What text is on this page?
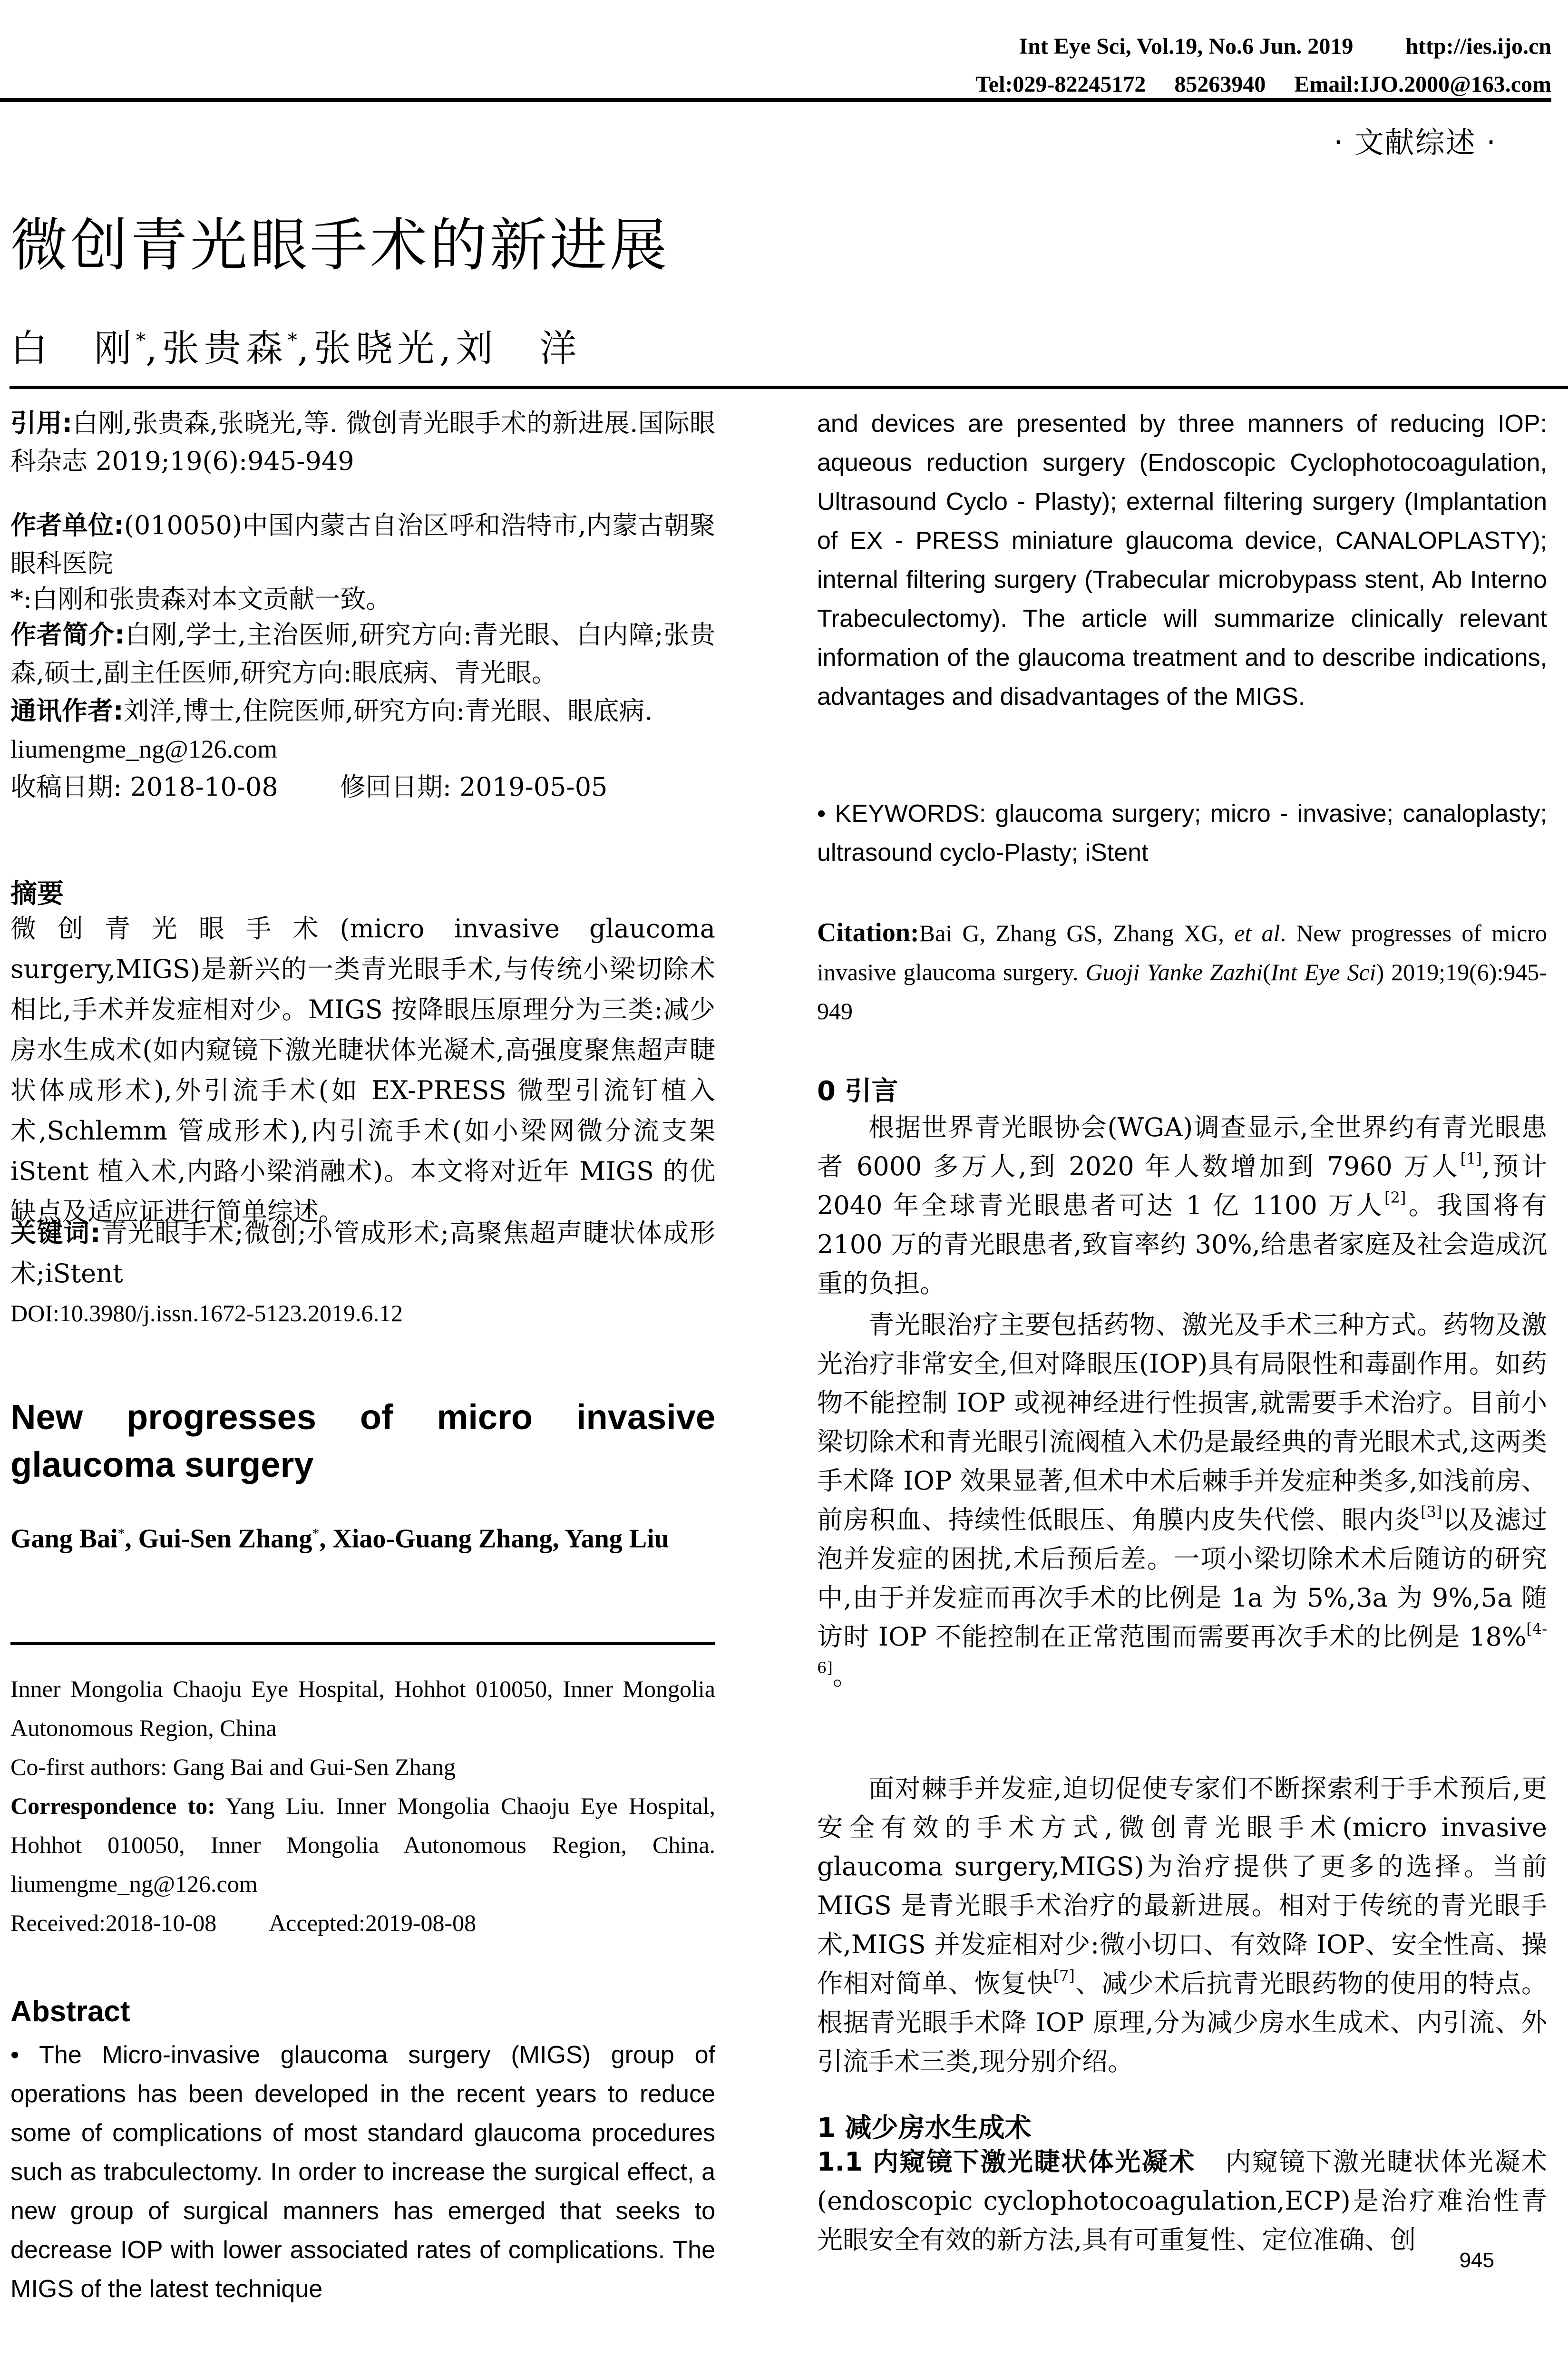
Int Eye Sci, Vol.19, No.6 Jun. 2019 http://ies.ijo.cn
Tel:029-82245172 85263940 Email:IJO.2000@163.com
· 文献综述 ·
微创青光眼手术的新进展
白　刚*,张贵森*,张晓光,刘　洋
引用:白刚,张贵森,张晓光,等. 微创青光眼手术的新进展.国际眼科杂志 2019;19(6):945-949
作者单位:(010050)中国内蒙古自治区呼和浩特市,内蒙古朝聚眼科医院
*:白刚和张贵森对本文贡献一致。
作者简介:白刚,学士,主治医师,研究方向:青光眼、白内障;张贵森,硕士,副主任医师,研究方向:眼底病、青光眼。
通讯作者:刘洋,博士,住院医师,研究方向:青光眼、眼底病.
liumengme_ng@126.com
收稿日期: 2018-10-08 修回日期: 2019-05-05
摘要
微创青光眼手术(micro invasive glaucoma surgery,MIGS)是新兴的一类青光眼手术,与传统小梁切除术相比,手术并发症相对少。MIGS 按降眼压原理分为三类:减少房水生成术(如内窥镜下激光睫状体光凝术,高强度聚焦超声睫状体成形术),外引流手术(如 EX-PRESS 微型引流钉植入术,Schlemm 管成形术),内引流手术(如小梁网微分流支架 iStent 植入术,内路小梁消融术)。本文将对近年 MIGS 的优缺点及适应证进行简单综述。
关键词:青光眼手术;微创;小管成形术;高聚焦超声睫状体成形术;iStent
DOI:10.3980/j.issn.1672-5123.2019.6.12
New progresses of micro invasive glaucoma surgery
Gang Bai*, Gui-Sen Zhang*, Xiao-Guang Zhang, Yang Liu
Inner Mongolia Chaoju Eye Hospital, Hohhot 010050, Inner Mongolia Autonomous Region, China
Co-first authors: Gang Bai and Gui-Sen Zhang
Correspondence to: Yang Liu. Inner Mongolia Chaoju Eye Hospital, Hohhot 010050, Inner Mongolia Autonomous Region, China. liumengme_ng@126.com
Received:2018-10-08 Accepted:2019-08-08
Abstract
• The Micro-invasive glaucoma surgery (MIGS) group of operations has been developed in the recent years to reduce some of complications of most standard glaucoma procedures such as trabculectomy. In order to increase the surgical effect, a new group of surgical manners has emerged that seeks to decrease IOP with lower associated rates of complications. The MIGS of the latest technique
and devices are presented by three manners of reducing IOP: aqueous reduction surgery (Endoscopic Cyclophotocoagulation, Ultrasound Cyclo - Plasty); external filtering surgery (Implantation of EX - PRESS miniature glaucoma device, CANALOPLASTY); internal filtering surgery (Trabecular microbypass stent, Ab Interno Trabeculectomy). The article will summarize clinically relevant information of the glaucoma treatment and to describe indications, advantages and disadvantages of the MIGS.
• KEYWORDS: glaucoma surgery; micro - invasive; canaloplasty; ultrasound cyclo-Plasty; iStent
Citation:Bai G, Zhang GS, Zhang XG, et al. New progresses of micro invasive glaucoma surgery. Guoji Yanke Zazhi(Int Eye Sci) 2019;19(6):945-949
0 引言
根据世界青光眼协会(WGA)调查显示,全世界约有青光眼患者 6000 多万人,到 2020 年人数增加到 7960 万人[1],预计 2040 年全球青光眼患者可达 1 亿 1100 万人[2]。我国将有 2100 万的青光眼患者,致盲率约 30%,给患者家庭及社会造成沉重的负担。
青光眼治疗主要包括药物、激光及手术三种方式。药物及激光治疗非常安全,但对降眼压(IOP)具有局限性和毒副作用。如药物不能控制 IOP 或视神经进行性损害,就需要手术治疗。目前小梁切除术和青光眼引流阀植入术仍是最经典的青光眼术式,这两类手术降 IOP 效果显著,但术中术后棘手并发症种类多,如浅前房、前房积血、持续性低眼压、角膜内皮失代偿、眼内炎[3]以及滤过泡并发症的困扰,术后预后差。一项小梁切除术术后随访的研究中,由于并发症而再次手术的比例是 1a 为 5%,3a 为 9%,5a 随访时 IOP 不能控制在正常范围而需要再次手术的比例是 18%[4-6]。
面对棘手并发症,迫切促使专家们不断探索利于手术预后,更安全有效的手术方式,微创青光眼手术(micro invasive glaucoma surgery,MIGS)为治疗提供了更多的选择。当前 MIGS 是青光眼手术治疗的最新进展。相对于传统的青光眼手术,MIGS 并发症相对少:微小切口、有效降 IOP、安全性高、操作相对简单、恢复快[7]、减少术后抗青光眼药物的使用的特点。根据青光眼手术降 IOP 原理,分为减少房水生成术、内引流、外引流手术三类,现分别介绍。
1 减少房水生成术
1.1 内窥镜下激光睫状体光凝术 内窥镜下激光睫状体光凝术(endoscopic cyclophotocoagulation,ECP)是治疗难治性青光眼安全有效的新方法,具有可重复性、定位准确、创
945
